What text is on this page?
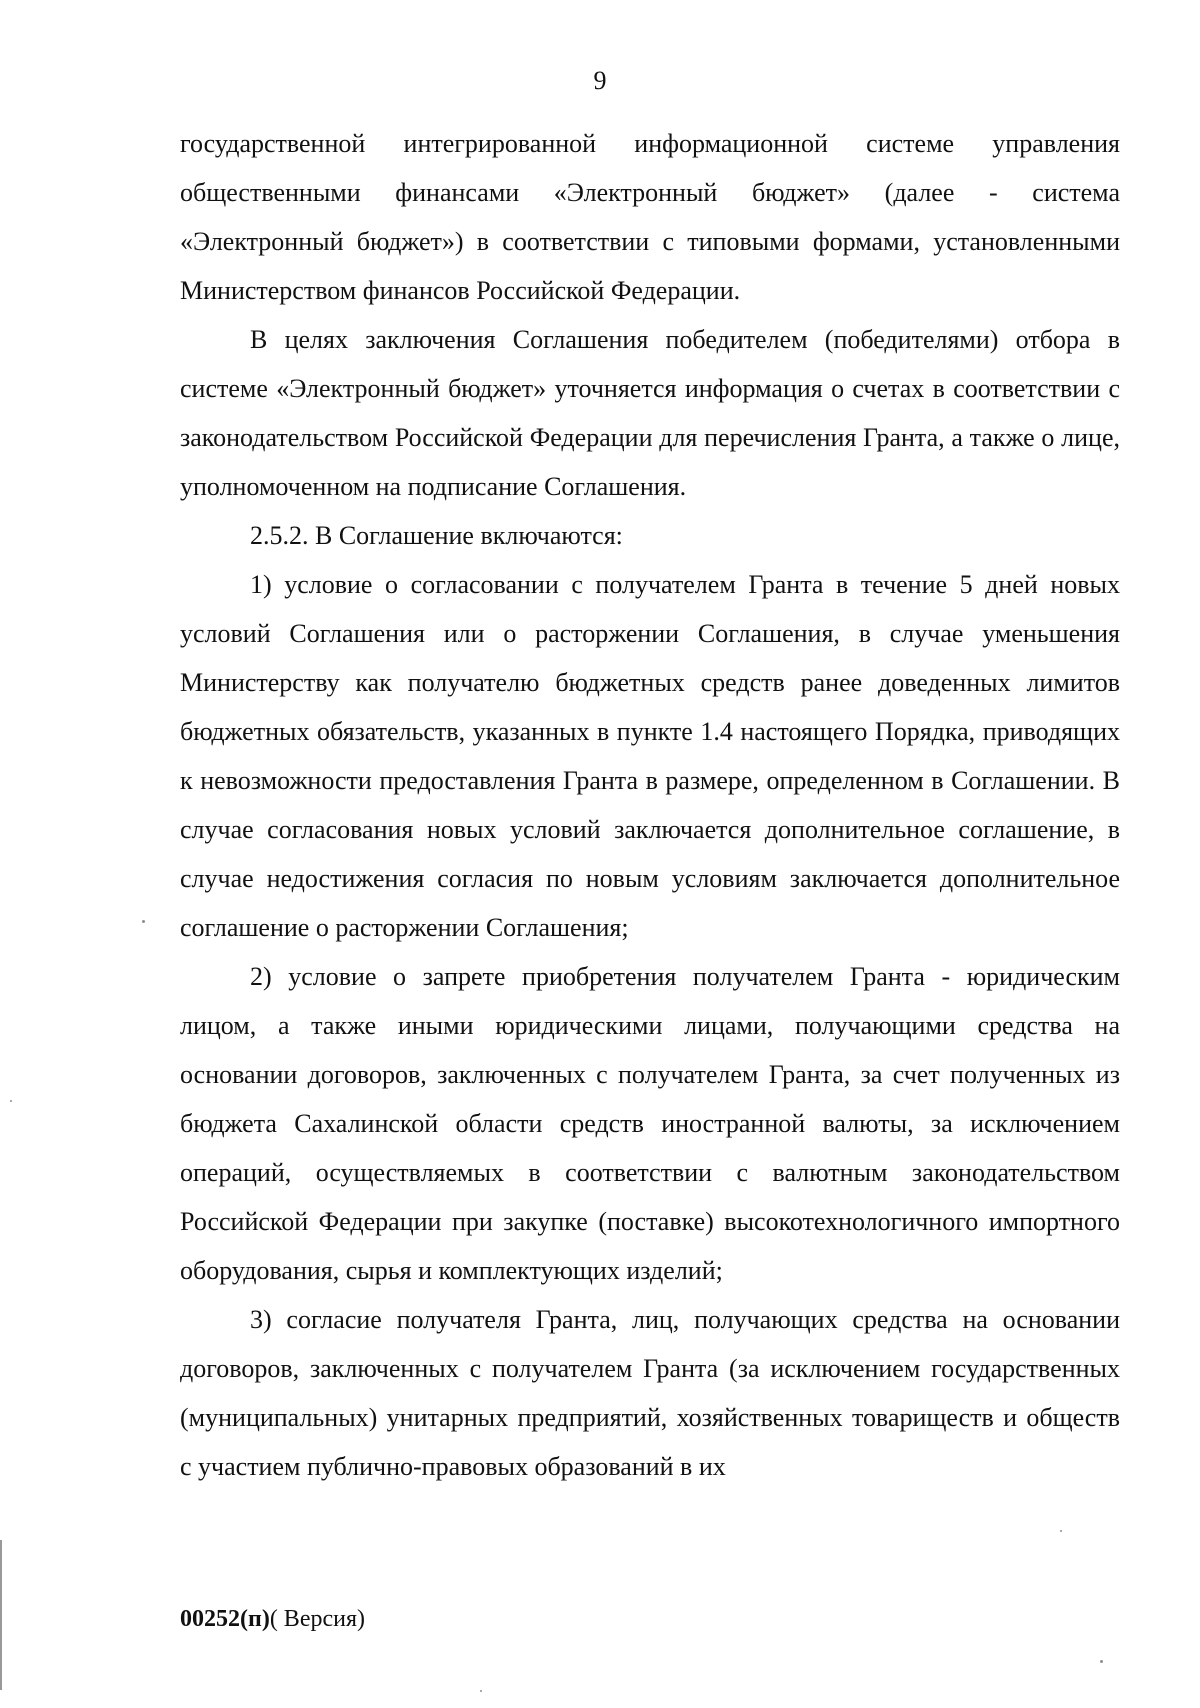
9

государственной интегрированной информационной системе управления общественными финансами «Электронный бюджет» (далее - система «Электронный бюджет») в соответствии с типовыми формами, установленными Министерством финансов Российской Федерации.

В целях заключения Соглашения победителем (победителями) отбора в системе «Электронный бюджет» уточняется информация о счетах в соответствии с законодательством Российской Федерации для перечисления Гранта, а также о лице, уполномоченном на подписание Соглашения.

2.5.2. В Соглашение включаются:

1) условие о согласовании с получателем Гранта в течение 5 дней новых условий Соглашения или о расторжении Соглашения, в случае уменьшения Министерству как получателю бюджетных средств ранее доведенных лимитов бюджетных обязательств, указанных в пункте 1.4 настоящего Порядка, приводящих к невозможности предоставления Гранта в размере, определенном в Соглашении. В случае согласования новых условий заключается дополнительное соглашение, в случае недостижения согласия по новым условиям заключается дополнительное соглашение о расторжении Соглашения;

2) условие о запрете приобретения получателем Гранта - юридическим лицом, а также иными юридическими лицами, получающими средства на основании договоров, заключенных с получателем Гранта, за счет полученных из бюджета Сахалинской области средств иностранной валюты, за исключением операций, осуществляемых в соответствии с валютным законодательством Российской Федерации при закупке (поставке) высокотехнологичного импортного оборудования, сырья и комплектующих изделий;

3) согласие получателя Гранта, лиц, получающих средства на основании договоров, заключенных с получателем Гранта (за исключением государственных (муниципальных) унитарных предприятий, хозяйственных товариществ и обществ с участием публично-правовых образований в их

00252(п)( Версия)
